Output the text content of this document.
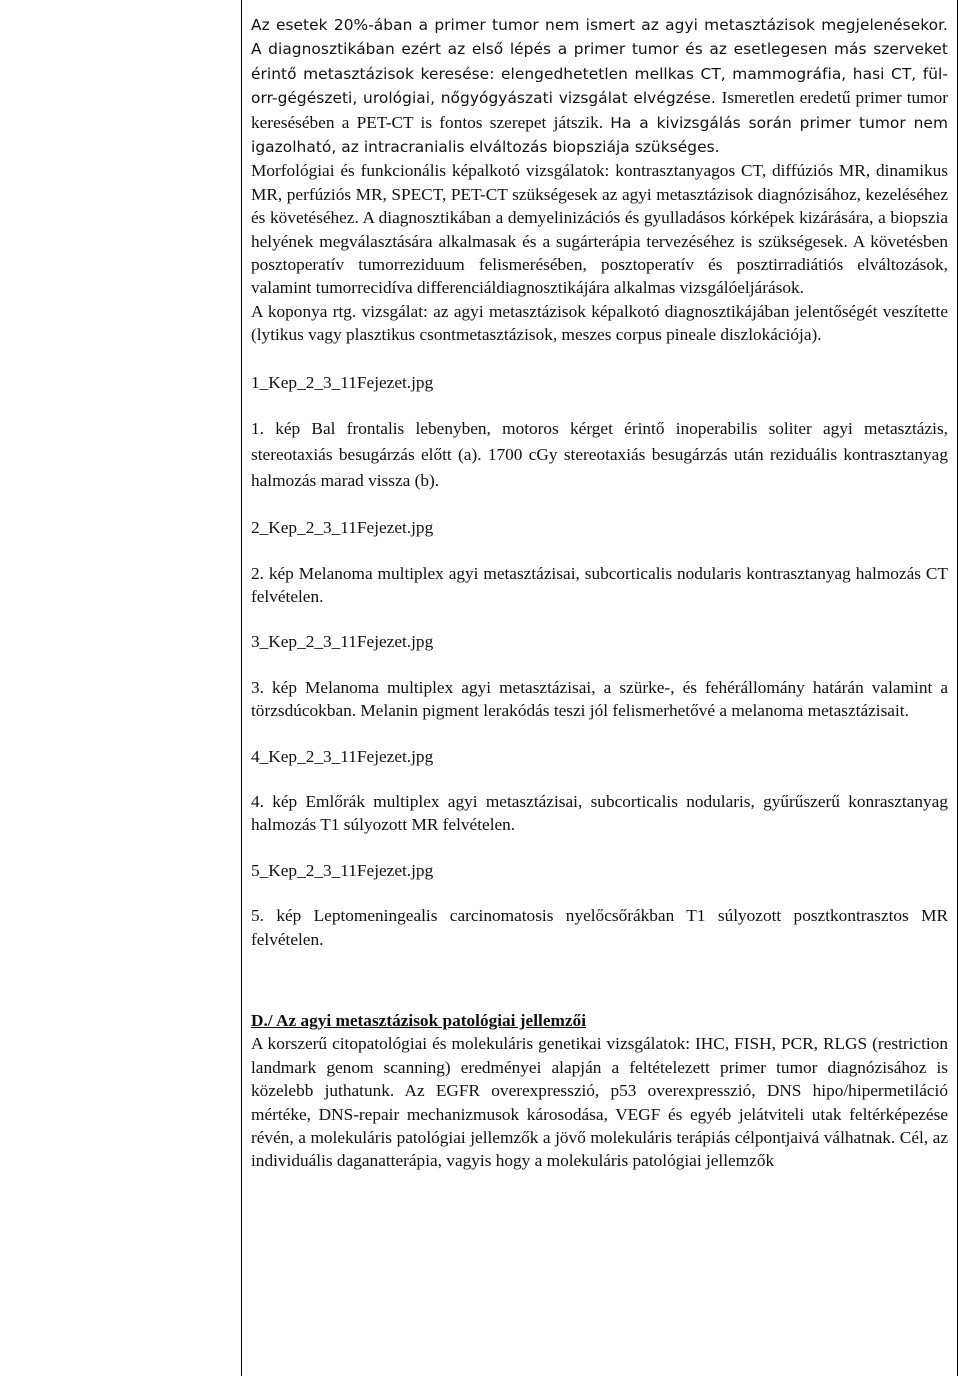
Az esetek 20%-ában a primer tumor nem ismert az agyi metasztázisok megjelenésekor. A diagnosztikában ezért az első lépés a primer tumor és az esetlegesen más szerveket érintő metasztázisok keresése: elengedhetetlen mellkas CT, mammográfia, hasi CT, fül-orr-gégészeti, urológiai, nőgyógyászati vizsgálat elvégzése. Ismeretlen eredetű primer tumor keresésében a PET-CT is fontos szerepet játszik. Ha a kivizsgálás során primer tumor nem igazolható, az intracranialis elváltozás biopsziája szükséges.
Morfológiai és funkcionális képalkotó vizsgálatok: kontrasztanyagos CT, diffúziós MR, dinamikus MR, perfúziós MR, SPECT, PET-CT szükségesek az agyi metasztázisok diagnózisához, kezeléséhez és követéséhez. A diagnosztikában a demyelinizációs és gyulladásos kórképek kizárására, a biopszia helyének megválasztására alkalmasak és a sugárterápia tervezéséhez is szükségesek. A követésben posztoperatív tumorreziduum felismerésében, posztoperatív és posztirradiátiós elváltozások, valamint tumorrecidíva differenciáldiagnosztikájára alkalmas vizsgálóeljárások.
A koponya rtg. vizsgálat: az agyi metasztázisok képalkotó diagnosztikájában jelentőségét veszítette (lytikus vagy plasztikus csontmetasztázisok, meszes corpus pineale diszlokációja).
1_Kep_2_3_11Fejezet.jpg
1. kép Bal frontalis lebenyben, motoros kérget érintő inoperabilis soliter agyi metasztázis, stereotaxiás besugárzás előtt (a). 1700 cGy stereotaxiás besugárzás után reziduális kontrasztanyag halmozás marad vissza (b).
2_Kep_2_3_11Fejezet.jpg
2. kép Melanoma multiplex agyi metasztázisai, subcorticalis nodularis kontrasztanyag halmozás CT felvételen.
3_Kep_2_3_11Fejezet.jpg
3. kép Melanoma multiplex agyi metasztázisai, a szürke-, és fehérállomány határán valamint a törzsdúcokban. Melanin pigment lerakódás teszi jól felismerhetővé a melanoma metasztázisait.
4_Kep_2_3_11Fejezet.jpg
4. kép Emlőrák multiplex agyi metasztázisai, subcorticalis nodularis, gyűrűszerű konrasztanyag halmozás T1 súlyozott MR felvételen.
5_Kep_2_3_11Fejezet.jpg
5. kép Leptomeningealis carcinomatosis nyelőcsőrákban T1 súlyozott posztkontrasztos MR felvételen.
D./ Az agyi metasztázisok patológiai jellemzői
A korszerű citopatológiai és molekuláris genetikai vizsgálatok: IHC, FISH, PCR, RLGS (restriction landmark genom scanning) eredményei alapján a feltételezett primer tumor diagnózisához is közelebb juthatunk. Az EGFR overexpresszió, p53 overexpresszió, DNS hipo/hipermetiláció mértéke, DNS-repair mechanizmusok károsodása, VEGF és egyéb jelátviteli utak feltérképezése révén, a molekuláris patológiai jellemzők a jövő molekuláris terápiás célpontjaivá válhatnak. Cél, az individuális daganatterápia, vagyis hogy a molekuláris patológiai jellemzők
